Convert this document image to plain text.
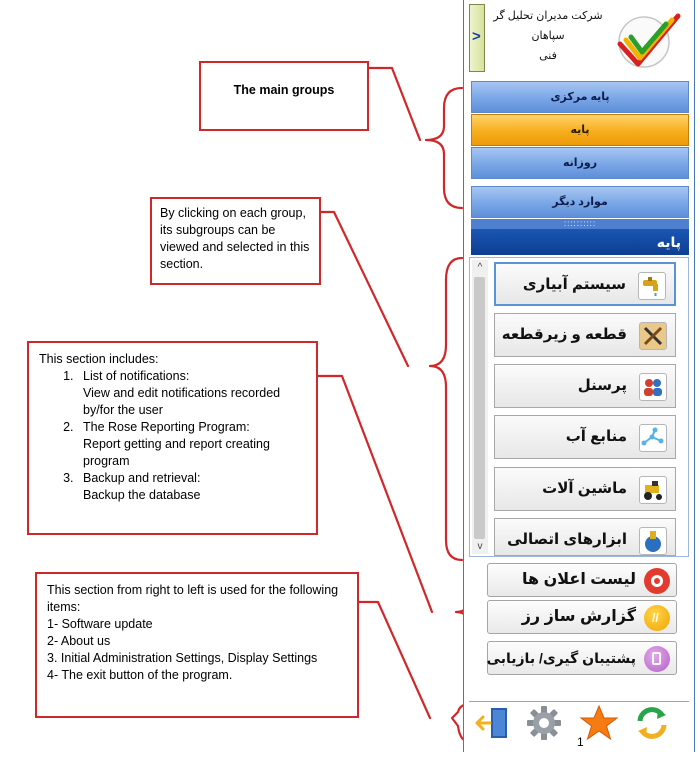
The main groups
By clicking on each group, its subgroups can be viewed and selected in this section.
This section includes:
1. List of notifications:
View and edit notifications recorded by/for the user
2. The Rose Reporting Program:
Report getting and report creating program
3. Backup and retrieval:
Backup the database
This section from right to left is used for the following items:
1- Software update
2- About us
3. Initial Administration Settings, Display Settings
4- The exit button of the program.
>
شرکت مدیران تحلیل گر
سپاهان
فنی
پایه مرکزی
پایه
روزانه
موارد دیگر
::::::::::
پایه
^
v
سیستم آبیاری
قطعه و زیرقطعه
پرسنل
منابع آب
ماشین آلات
ابزارهای اتصالی
لیست اعلان ها
//
گزارش ساز رز
پشتیبان گیری/ بازیابی
1
